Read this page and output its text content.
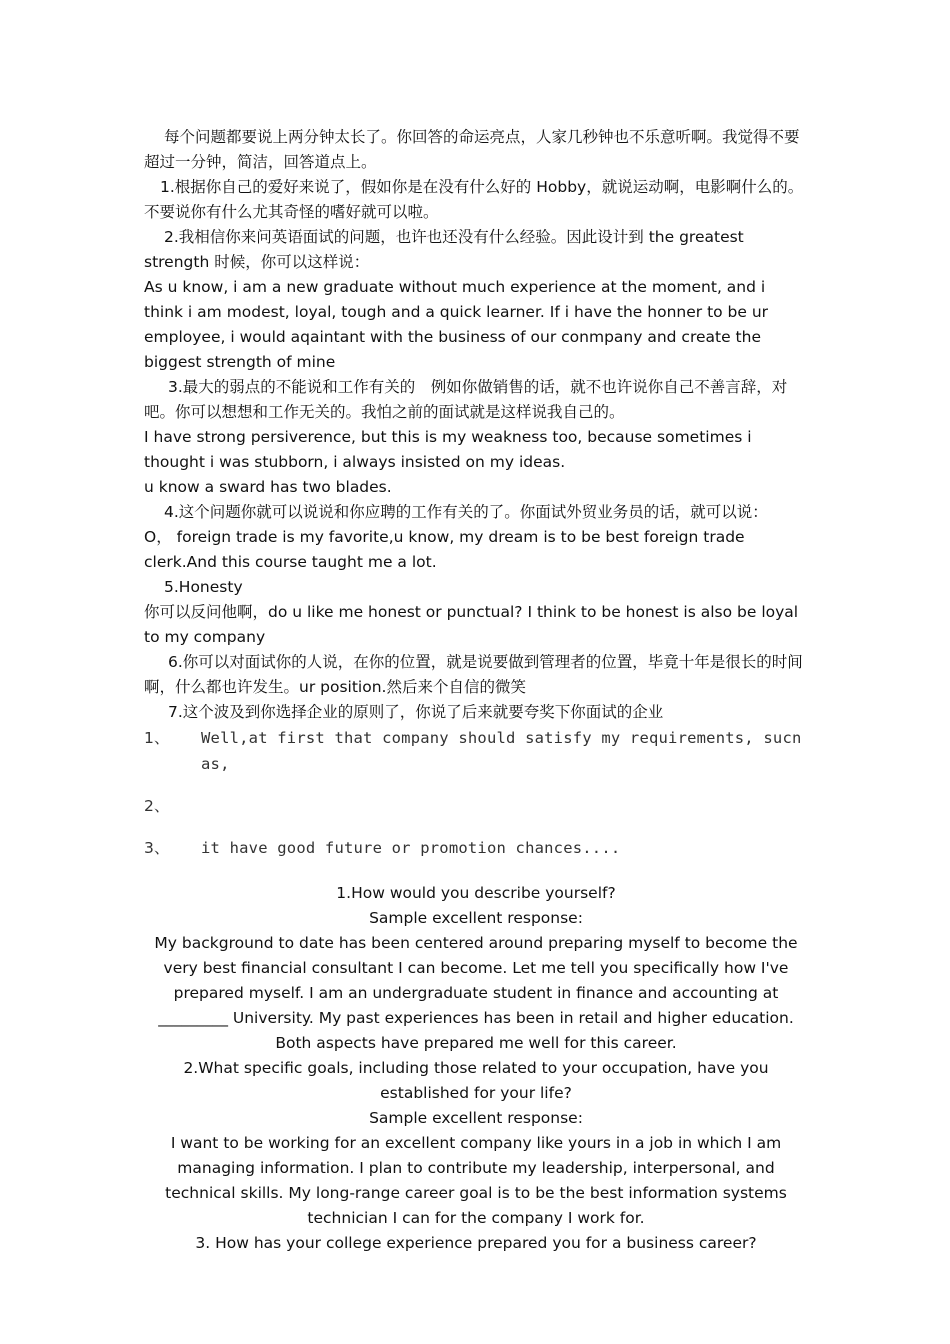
每个问题都要说上两分钟太长了。你回答的命运亮点，人家几秒钟也不乐意听啊。我觉得不要超过一分钟，简洁，回答道点上。

1.根据你自己的爱好来说了，假如你是在没有什么好的 Hobby，就说运动啊，电影啊什么的。不要说你有什么尤其奇怪的嗜好就可以啦。

2.我相信你来问英语面试的问题，也许也还没有什么经验。因此设计到 the greatest strength 时候，你可以这样说：

As u know, i am a new graduate without much experience at the moment, and i think i am modest, loyal, tough and a quick learner. If i have the honner to be ur employee, i would aqaintant with the business of our conmpany and create the biggest strength of mine

3.最大的弱点的不能说和工作有关的　例如你做销售的话，就不也许说你自己不善言辞，对吧。你可以想想和工作无关的。我怕之前的面试就是这样说我自己的。

I have strong persiverence, but this is my weakness too, because sometimes i thought i was stubborn, i always insisted on my ideas.

u know a sward has two blades.

4.这个问题你就可以说说和你应聘的工作有关的了。你面试外贸业务员的话，就可以说：

O， foreign trade is my favorite,u know, my dream is to be best foreign trade clerk.And this course taught me a lot.

5.Honesty

你可以反问他啊，do u like me honest or punctual? I think to be honest is also be loyal to my company

6.你可以对面试你的人说，在你的位置，就是说要做到管理者的位置，毕竟十年是很长的时间啊，什么都也许发生。ur position.然后来个自信的微笑

7.这个波及到你选择企业的原则了，你说了后来就要夸奖下你面试的企业

1、	Well,at first that company should satisfy my requirements, sucn as,
2、
3、	it have good future or promotion chances....

1.How would you describe yourself?

Sample excellent response:

My background to date has been centered around preparing myself to become the very best financial consultant I can become. Let me tell you specifically how I've prepared myself. I am an undergraduate student in finance and accounting at _________ University. My past experiences has been in retail and higher education. Both aspects have prepared me well for this career.

2.What specific goals, including those related to your occupation, have you established for your life?

Sample excellent response:

I want to be working for an excellent company like yours in a job in which I am managing information. I plan to contribute my leadership, interpersonal, and technical skills. My long-range career goal is to be the best information systems technician I can for the company I work for.

3. How has your college experience prepared you for a business career?
